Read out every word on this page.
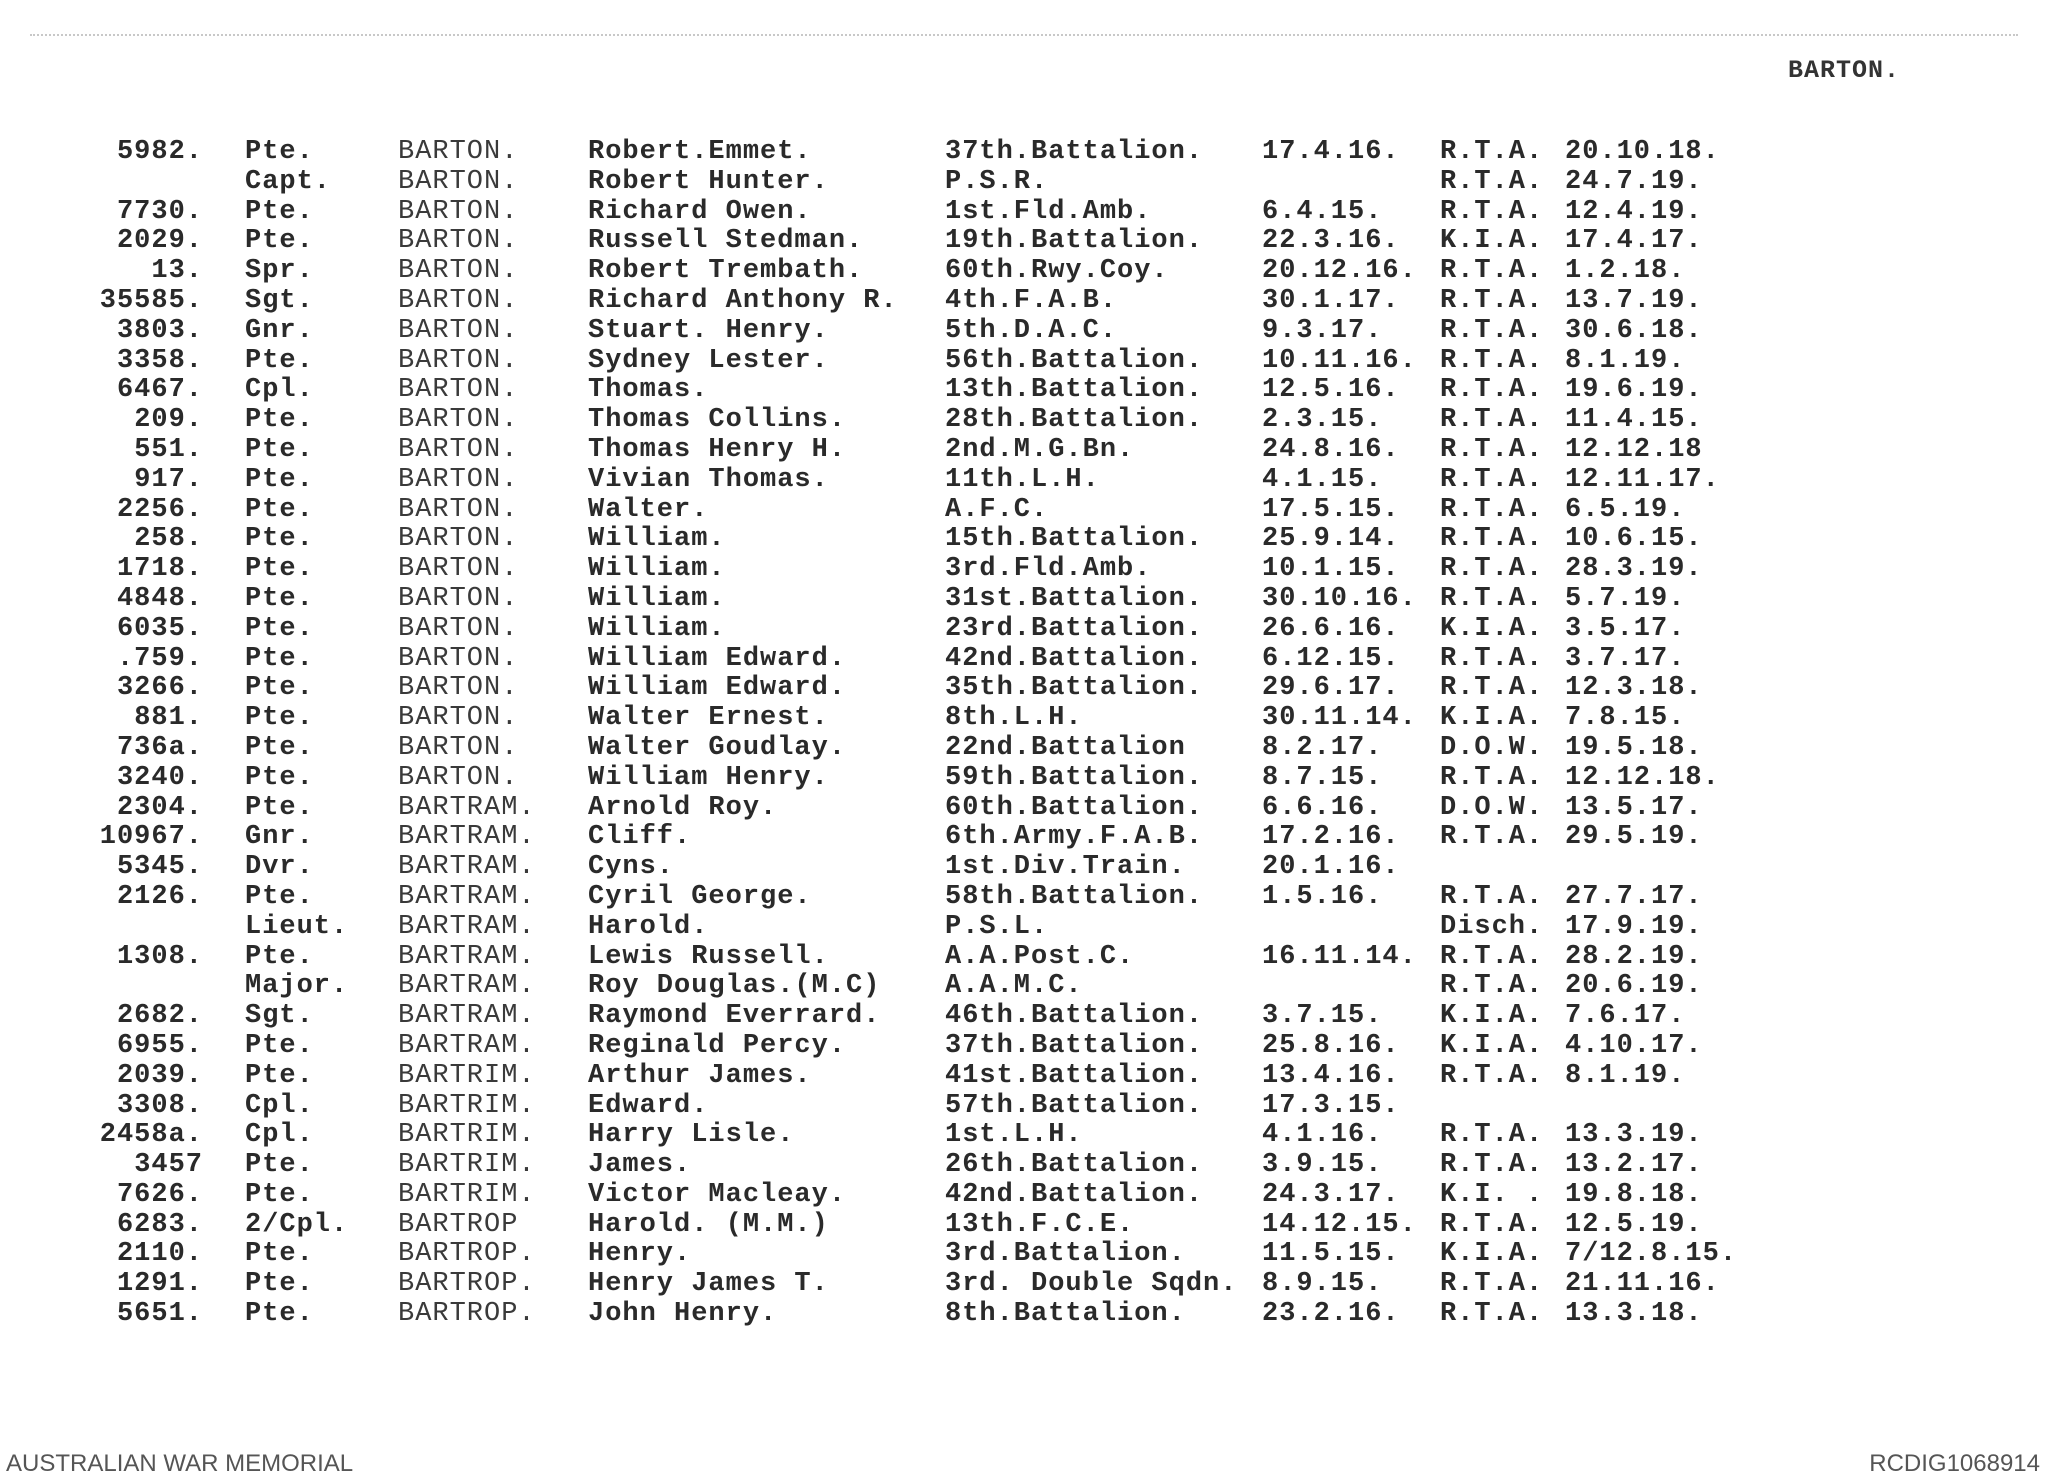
BARTON.
5982. Pte.	BARTON.	Robert.Emmet.	37th.Battalion. 17.4.16. R.T.A. 20.10.18.
Capt. BARTON.	Robert Hunter.	P.S.R.	R.T.A. 24.7.19.
7730. Pte.	BARTON.	Richard Owen.	1st.Fld.Amb.	6.4.15. R.T.A. 12.4.19.
2029. Pte.	BARTON.	Russell Stedman.	19th.Battalion. 22.3.16. K.I.A. 17.4.17.
13. Spr.	BARTON.	Robert Trembath.	60th.Rwy.Coy.	20.12.16. R.T.A. 1.2.18.
35585. Sgt.	BARTON.	Richard Anthony R. 4th.F.A.B.	30.1.17. R.T.A. 13.7.19.
3803. Gnr.	BARTON.	Stuart. Henry.	5th.D.A.C.	9.3.17. R.T.A. 30.6.18.
3358. Pte.	BARTON.	Sydney Lester.	56th.Battalion. 10.11.16. R.T.A. 8.1.19.
6467. Cpl.	BARTON.	Thomas.	13th.Battalion. 12.5.16. R.T.A. 19.6.19.
209. Pte.	BARTON.	Thomas Collins.	28th.Battalion. 2.3.15. R.T.A. 11.4.15.
551. Pte.	BARTON.	Thomas Henry H.	2nd.M.G.Bn.	24.8.16. R.T.A. 12.12.18
917. Pte.	BARTON.	Vivian Thomas.	11th.L.H.	4.1.15. R.T.A. 12.11.17.
2256. Pte.	BARTON.	Walter.	A.F.C.	17.5.15. R.T.A. 6.5.19.
258. Pte.	BARTON.	William.	15th.Battalion. 25.9.14. R.T.A. 10.6.15.
1718. Pte.	BARTON.	William.	3rd.Fld.Amb.	10.1.15. R.T.A. 28.3.19.
4848. Pte.	BARTON.	William.	31st.Battalion. 30.10.16. R.T.A. 5.7.19.
6035. Pte.	BARTON.	William.	23rd.Battalion. 26.6.16. K.I.A. 3.5.17.
.759. Pte.	BARTON.	William Edward.	42nd.Battalion. 6.12.15. R.T.A. 3.7.17.
3266. Pte.	BARTON.	William Edward.	35th.Battalion. 29.6.17. R.T.A. 12.3.18.
881. Pte.	BARTON.	Walter Ernest.	8th.L.H.	30.11.14. K.I.A. 7.8.15.
736a. Pte.	BARTON.	Walter Goudlay.	22nd.Battalion	8.2.17. D.O.W. 19.5.18.
3240. Pte.	BARTON.	William Henry.	59th.Battalion. 8.7.15. R.T.A. 12.12.18.
2304. Pte.	BARTRAM. Arnold Roy.	60th.Battalion. 6.6.16. D.O.W. 13.5.17.
10967. Gnr.	BARTRAM. Cliff.	6th.Army.F.A.B. 17.2.16. R.T.A. 29.5.19.
5345. Dvr.	BARTRAM. Cyns.	1st.Div.Train.	20.1.16.
2126. Pte.	BARTRAM. Cyril George.	58th.Battalion. 1.5.16. R.T.A. 27.7.17.
Lieut. BARTRAM. Harold.	P.S.L.	Disch. 17.9.19.
1308. Pte.	BARTRAM. Lewis Russell.	A.A.Post.C.	16.11.14. R.T.A. 28.2.19.
Major. BARTRAM. Roy Douglas.(M.C) A.A.M.C.	R.T.A. 20.6.19.
2682. Sgt.	BARTRAM. Raymond Everrard. 46th.Battalion. 3.7.15. K.I.A. 7.6.17.
6955. Pte.	BARTRAM. Reginald Percy.	37th.Battalion. 25.8.16. K.I.A. 4.10.17.
2039. Pte.	BARTRIM. Arthur James.	41st.Battalion. 13.4.16. R.T.A. 8.1.19.
3308. Cpl.	BARTRIM. Edward.	57th.Battalion. 17.3.15.
2458a. Cpl.	BARTRIM. Harry Lisle.	1st.L.H.	4.1.16. R.T.A. 13.3.19.
3457 Pte.	BARTRIM. James.	26th.Battalion. 3.9.15. R.T.A. 13.2.17.
7626. Pte.	BARTRIM. Victor Macleay.	42nd.Battalion. 24.3.17. K.I. . 19.8.18.
6283. 2/Cpl. BARTROP	Harold. (M.M.)	13th.F.C.E.	14.12.15. R.T.A. 12.5.19.
2110. Pte.	BARTROP. Henry.	3rd.Battalion.	11.5.15. K.I.A. 7/12.8.15.
1291. Pte.	BARTROP. Henry James T.	3rd. Double Sqdn. 8.9.15. R.T.A. 21.11.16.
5651. Pte.	BARTROP. John Henry.	8th.Battalion.	23.2.16. R.T.A. 13.3.18.
AUSTRALIAN WAR MEMORIAL	RCDIG1068914
